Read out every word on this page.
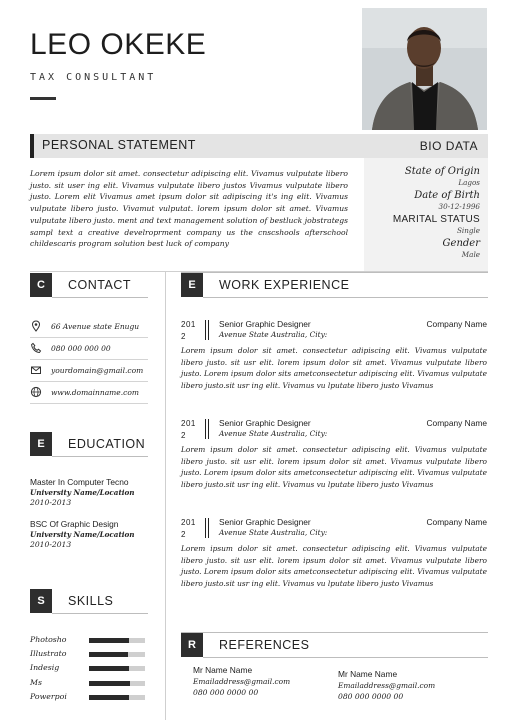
LEO OKEKE
TAX CONSULTANT
PERSONAL STATEMENT	BIO DATA
Lorem ipsum dolor sit amet. consectetur adipiscing elit. Vivamus vulputate libero justo. sit user ing elit. Vivamus vulputate libero justos Vivamus vulputate libero justo. Lorem elit Vivamus amet ipsum dolor sit adipiscing it's ing elit. Vivamus vulputate libero justo. Vivamut vulputat. lorem ipsum dolor sit amet. Vivamus vulputate libero justo. ment and text management solution of bestluck jobstrategs sampl text a creative develroprment company us the cnscshools afterschool childescaris program solution best luck of company
State of Origin
Lagos
Date of Birth
30-12-1996
MARITAL STATUS
Single
Gender
Male
C	CONTACT
66 Avenue state Enugu
080 000 000 00
yourdomain@gmail.com
www.domainname.com
E	EDUCATION
Master In Computer Tecno
University Name/Location
2010-2013
BSC Of Graphic Design
University Name/Location
2010-2013
S	SKILLS
Photosho
Illustrato
Indesig
Ms
Powerpoi
E	WORK EXPERIENCE
201
2
Senior Graphic Designer
Avenue State Australia, City:
Company Name
Lorem ipsum dolor sit amet. consectetur adipiscing elit. Vivamus vulputate libero justo. sit usr elit. lorem ipsum dolor sit amet. Vivamus vulputate libero justo. Lorem ipsum dolor sits ametconsectetur adipiscing elit. Vivamus vulputate libero justo.sit usr ing elit. Vivamus vu lputate libero justo Vivamus
201
2
Senior Graphic Designer
Avenue State Australia, City:
Company Name
Lorem ipsum dolor sit amet. consectetur adipiscing elit. Vivamus vulputate libero justo. sit usr elit. lorem ipsum dolor sit amet. Vivamus vulputate libero justo. Lorem ipsum dolor sits ametconsectetur adipiscing elit. Vivamus vulputate libero justo.sit usr ing elit. Vivamus vu lputate libero justo Vivamus
201
2
Senior Graphic Designer
Avenue State Australia, City:
Company Name
Lorem ipsum dolor sit amet. consectetur adipiscing elit. Vivamus vulputate libero justo. sit usr elit. lorem ipsum dolor sit amet. Vivamus vulputate libero justo. Lorem ipsum dolor sits ametconsectetur adipiscing elit. Vivamus vulputate libero justo.sit usr ing elit. Vivamus vu lputate libero justo Vivamus
R	REFERENCES
Mr Name Name
Emailaddress@gmail.com
080 000 0000 00
Mr Name Name
Emailaddress@gmail.com
080 000 0000 00
